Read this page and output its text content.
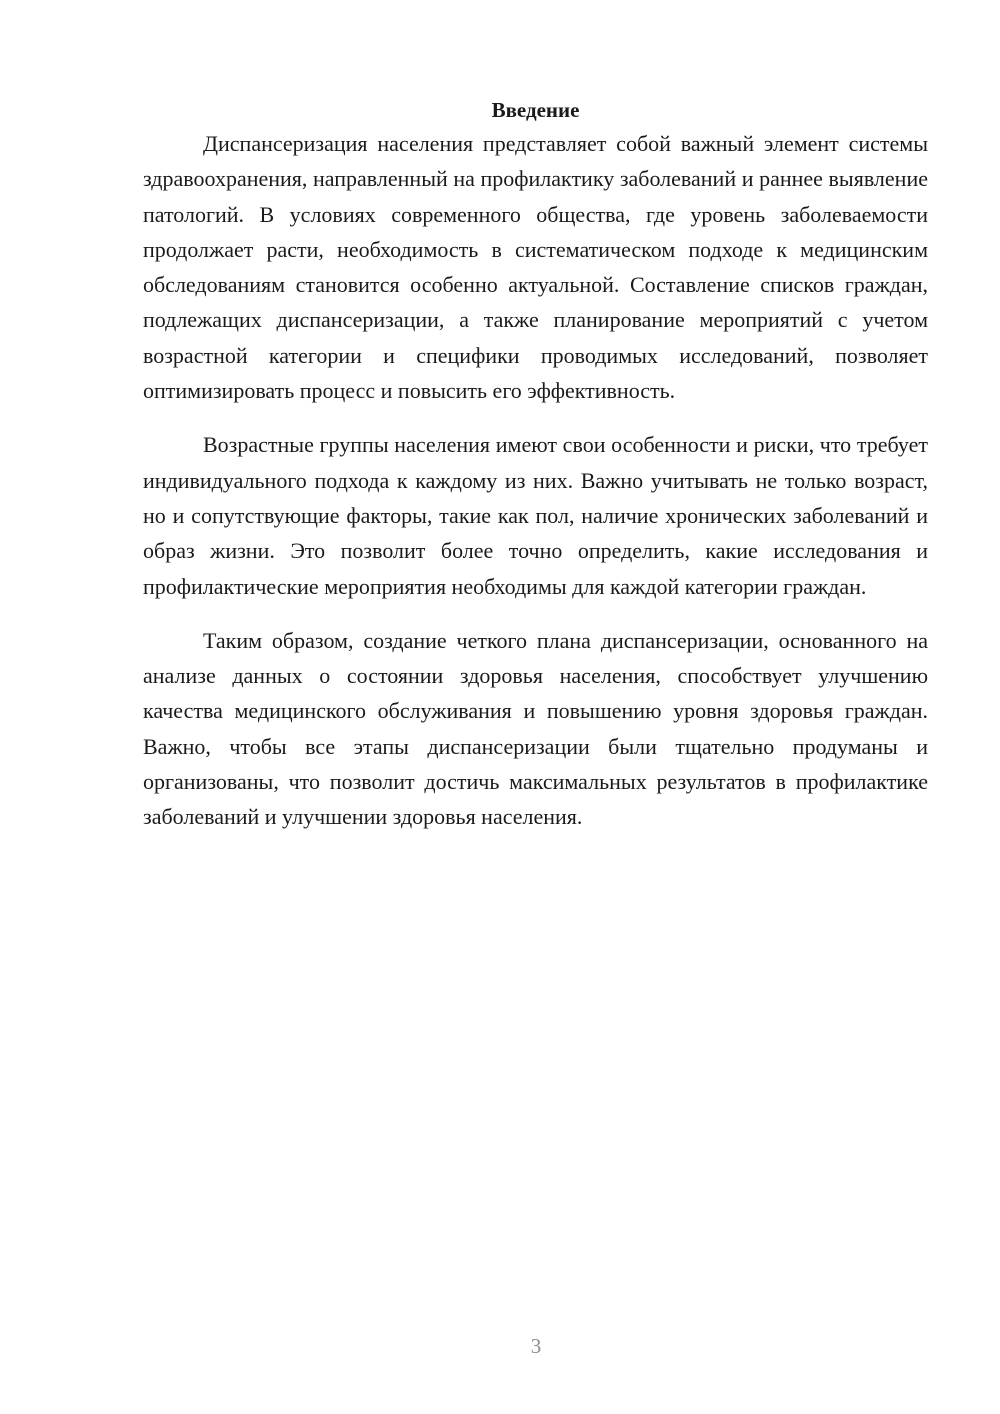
Введение

Диспансеризация населения представляет собой важный элемент системы здравоохранения, направленный на профилактику заболеваний и раннее выявление патологий. В условиях современного общества, где уровень заболеваемости продолжает расти, необходимость в систематическом подходе к медицинским обследованиям становится особенно актуальной. Составление списков граждан, подлежащих диспансеризации, а также планирование мероприятий с учетом возрастной категории и специфики проводимых исследований, позволяет оптимизировать процесс и повысить его эффективность.

Возрастные группы населения имеют свои особенности и риски, что требует индивидуального подхода к каждому из них. Важно учитывать не только возраст, но и сопутствующие факторы, такие как пол, наличие хронических заболеваний и образ жизни. Это позволит более точно определить, какие исследования и профилактические мероприятия необходимы для каждой категории граждан.

Таким образом, создание четкого плана диспансеризации, основанного на анализе данных о состоянии здоровья населения, способствует улучшению качества медицинского обслуживания и повышению уровня здоровья граждан. Важно, чтобы все этапы диспансеризации были тщательно продуманы и организованы, что позволит достичь максимальных результатов в профилактике заболеваний и улучшении здоровья населения.

3
